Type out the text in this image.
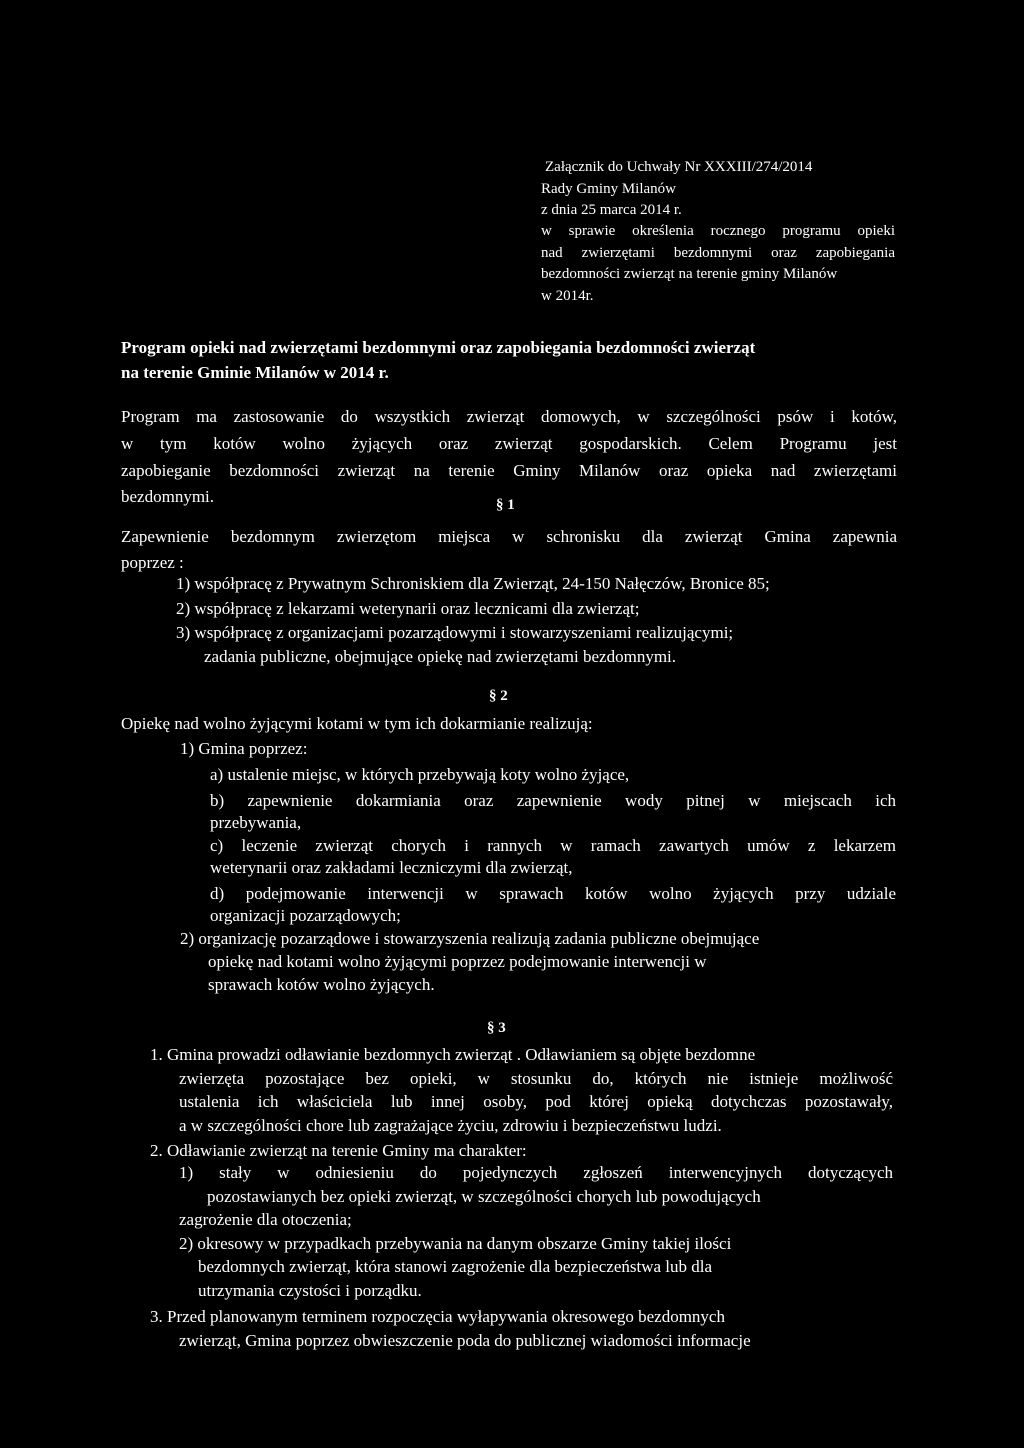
Załącznik do Uchwały Nr XXXIII/274/2014
Rady Gminy Milanów
z dnia 25 marca 2014 r.
w sprawie określenia rocznego programu opieki
nad zwierzętami bezdomnymi oraz zapobiegania
bezdomności zwierząt na terenie gminy Milanów
w 2014r.
Program opieki nad zwierzętami bezdomnymi oraz zapobiegania bezdomności zwierząt
na terenie Gminie Milanów w 2014 r.
Program ma zastosowanie do wszystkich zwierząt domowych, w szczególności psów i kotów,
w tym kotów wolno żyjących oraz zwierząt gospodarskich. Celem Programu jest
zapobieganie bezdomności zwierząt na terenie Gminy Milanów oraz opieka nad zwierzętami
bezdomnymi.	§ 1
Zapewnienie bezdomnym zwierzętom miejsca w schronisku dla zwierząt Gmina zapewnia
poprzez :
1) współpracę z Prywatnym Schroniskiem dla Zwierząt, 24-150 Nałęczów, Bronice 85;
2) współpracę z lekarzami weterynarii oraz lecznicami dla zwierząt;
3) współpracę z organizacjami pozarządowymi i stowarzyszeniami realizującymi;
zadania publiczne, obejmujące opiekę nad zwierzętami bezdomnymi.
§ 2
Opiekę nad wolno żyjącymi kotami w tym ich dokarmianie realizują:
1) Gmina poprzez:
a) ustalenie miejsc, w których przebywają koty wolno żyjące,
b) zapewnienie dokarmiania oraz zapewnienie wody pitnej w miejscach ich
przebywania,
c) leczenie zwierząt chorych i rannych w ramach zawartych umów z lekarzem
weterynarii oraz zakładami leczniczymi dla zwierząt,
d) podejmowanie interwencji w sprawach kotów wolno żyjących przy udziale
organizacji pozarządowych;
2) organizację pozarządowe i stowarzyszenia realizują zadania publiczne obejmujące
opiekę nad kotami wolno żyjącymi poprzez podejmowanie interwencji w
sprawach kotów wolno żyjących.
§ 3
1. Gmina prowadzi odławianie bezdomnych zwierząt . Odławianiem są objęte bezdomne
zwierzęta pozostające bez opieki, w stosunku do, których nie istnieje możliwość
ustalenia ich właściciela lub innej osoby, pod której opieką dotychczas pozostawały,
a w szczególności chore lub zagrażające życiu, zdrowiu i bezpieczeństwu ludzi.
2. Odławianie zwierząt na terenie Gminy ma charakter:
1) stały w odniesieniu do pojedynczych zgłoszeń interwencyjnych dotyczących
pozostawianych bez opieki zwierząt, w szczególności chorych lub powodujących
zagrożenie dla otoczenia;
2) okresowy w przypadkach przebywania na danym obszarze Gminy takiej ilości
bezdomnych zwierząt, która stanowi zagrożenie dla bezpieczeństwa lub dla
utrzymania czystości i porządku.
3. Przed planowanym terminem rozpoczęcia wyłapywania okresowego bezdomnych
zwierząt, Gmina poprzez obwieszczenie poda do publicznej wiadomości informacje
